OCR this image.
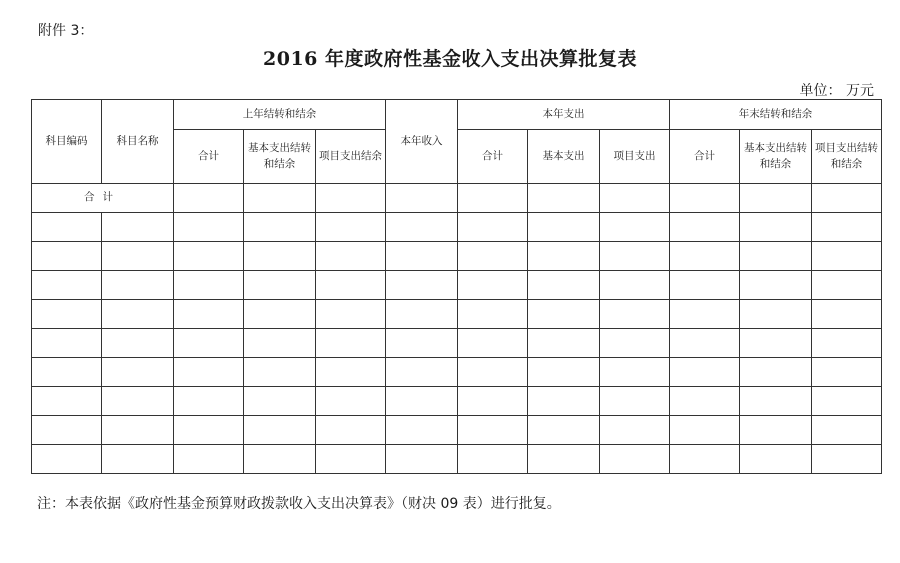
附件 3：
2016 年度政府性基金收入支出决算批复表
单位： 万元
科目编码	科目名称	上年结转和结余			本年收入	本年支出			年末结转和结余		
		合计	基本支出结转和结余	项目支出结余		合计	基本支出	项目支出	合计	基本支出结转和结余	项目支出结转和结余
合计											

注：本表依据《政府性基金预算财政拨款收入支出决算表》（财决 09 表）进行批复。
